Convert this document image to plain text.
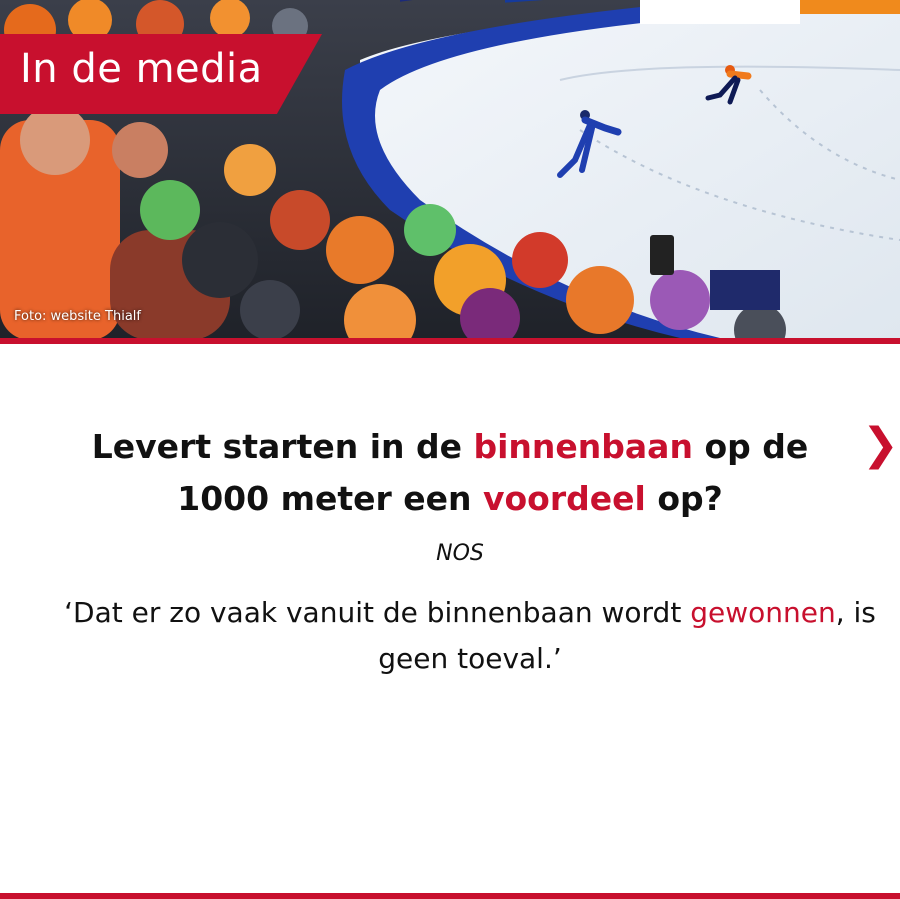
In de media
Foto: website Thialf
❯
Levert starten in de binnenbaan op de 1000 meter een voordeel op?
NOS
‘Dat er zo vaak vanuit de binnenbaan wordt gewonnen, is geen toeval.’
